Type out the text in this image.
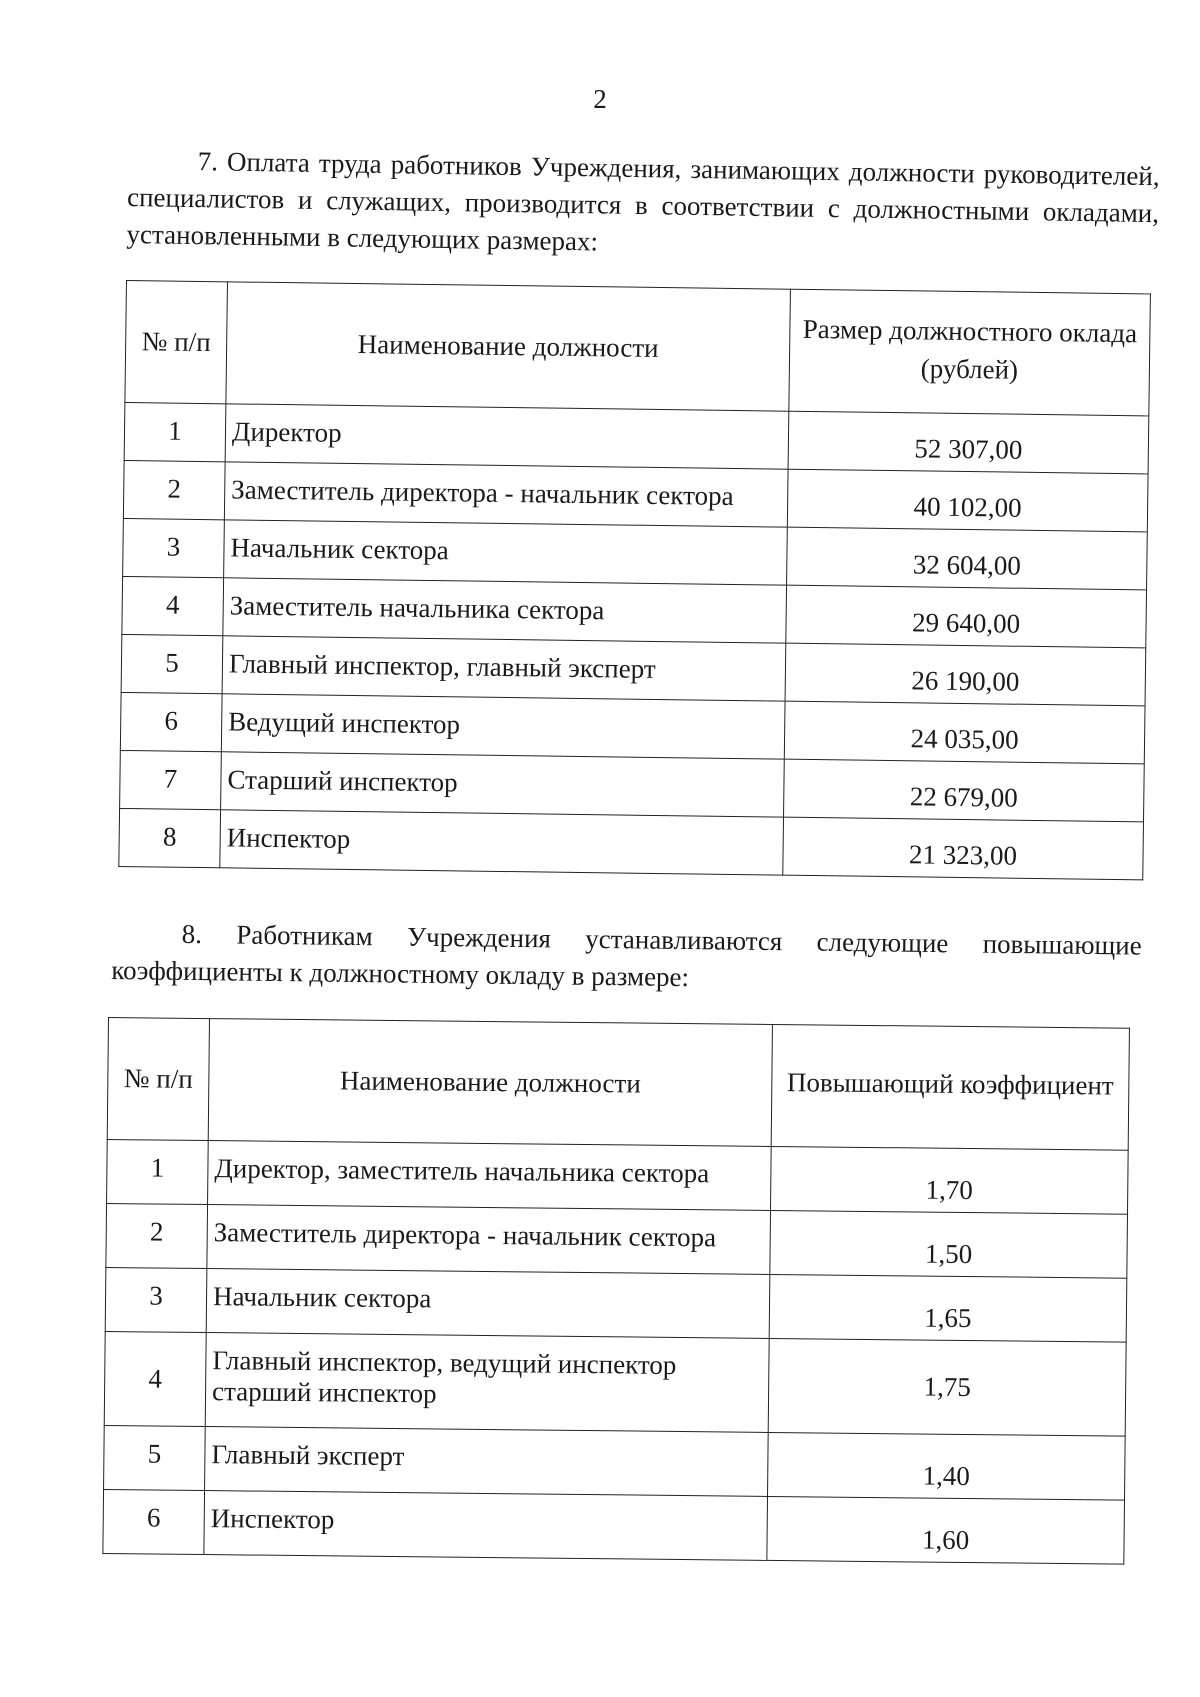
2

7. Оплата труда работников Учреждения, занимающих должности руководителей, специалистов и служащих, производится в соответствии с должностными окладами, установленными в следующих размерах:

№ п/п	Наименование должности	Размер должностного оклада (рублей)
1	Директор	52 307,00
2	Заместитель директора - начальник сектора	40 102,00
3	Начальник сектора	32 604,00
4	Заместитель начальника сектора	29 640,00
5	Главный инспектор, главный эксперт	26 190,00
6	Ведущий инспектор	24 035,00
7	Старший инспектор	22 679,00
8	Инспектор	21 323,00

8. Работникам Учреждения устанавливаются следующие повышающие коэффициенты к должностному окладу в размере:

№ п/п	Наименование должности	Повышающий коэффициент
1	Директор, заместитель начальника сектора	1,70
2	Заместитель директора - начальник сектора	1,50
3	Начальник сектора	1,65
4	Главный инспектор, ведущий инспектор
старший инспектор	1,75
5	Главный эксперт	1,40
6	Инспектор	1,60
